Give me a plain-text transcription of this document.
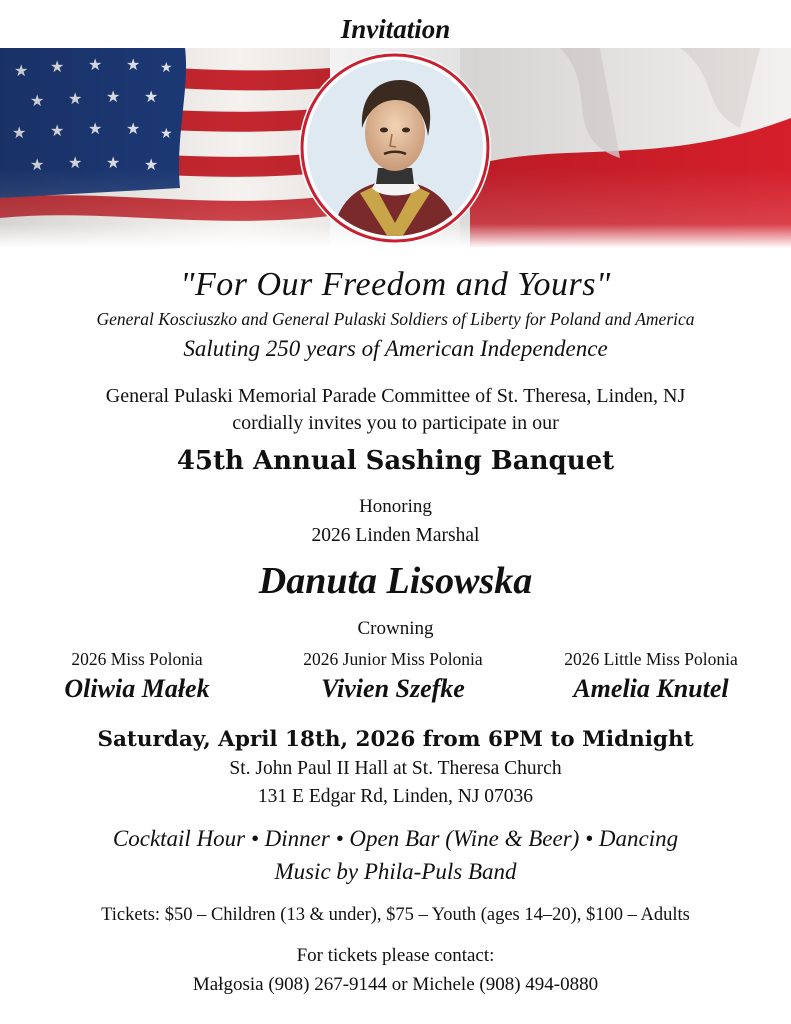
Invitation
"For Our Freedom and Yours"
General Kosciuszko and General Pulaski Soldiers of Liberty for Poland and America
Saluting 250 years of American Independence
General Pulaski Memorial Parade Committee of St. Theresa, Linden, NJ
cordially invites you to participate in our
45th Annual Sashing Banquet
Honoring
2026 Linden Marshal
Danuta Lisowska
Crowning
2026 Miss Polonia
Oliwia Małek
2026 Junior Miss Polonia
Vivien Szefke
2026 Little Miss Polonia
Amelia Knutel
Saturday, April 18th, 2026 from 6PM to Midnight
St. John Paul II Hall at St. Theresa Church
131 E Edgar Rd, Linden, NJ 07036
Cocktail Hour • Dinner • Open Bar (Wine & Beer) • Dancing
Music by Phila-Puls Band
Tickets: $50 – Children (13 & under), $75 – Youth (ages 14–20), $100 – Adults
For tickets please contact:
Małgosia (908) 267-9144 or Michele (908) 494-0880
